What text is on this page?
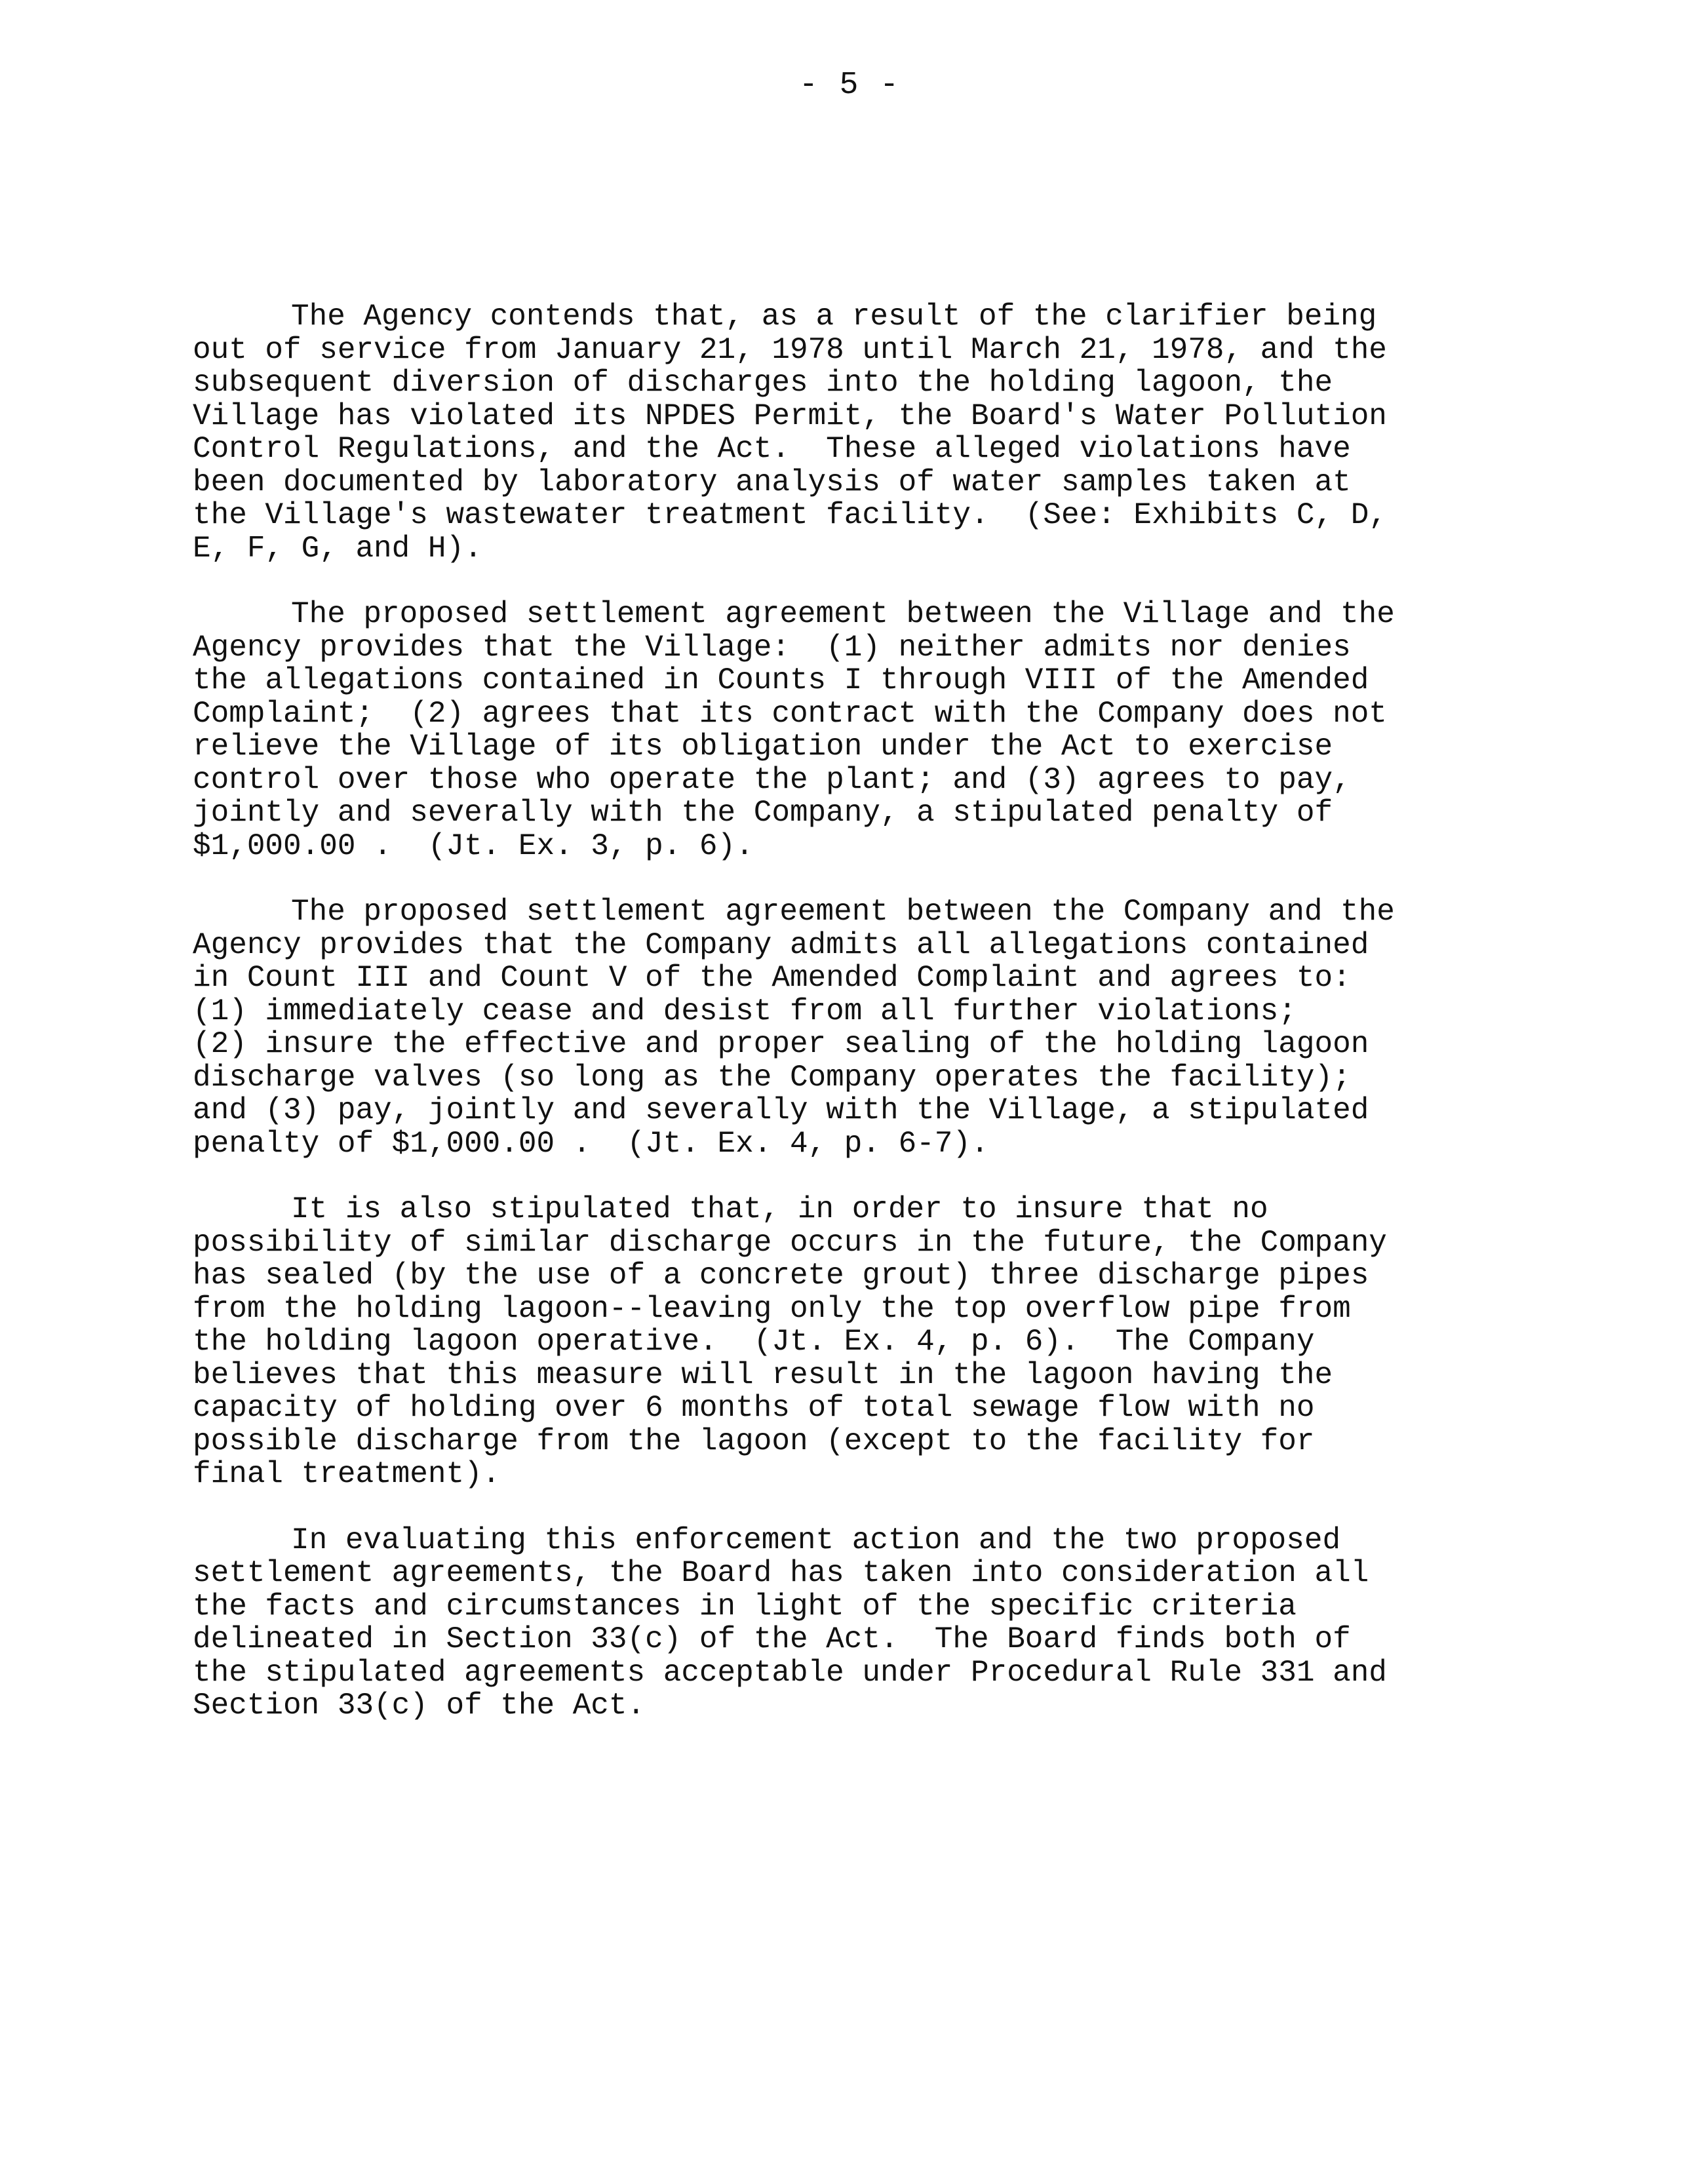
- 5 -
The Agency contends that, as a result of the clarifier being
out of service from January 21, 1978 until March 21, 1978, and the
subsequent diversion of discharges into the holding lagoon, the
Village has violated its NPDES Permit, the Board's Water Pollution
Control Regulations, and the Act.  These alleged violations have
been documented by laboratory analysis of water samples taken at
the Village's wastewater treatment facility.  (See: Exhibits C, D,
E, F, G, and H).
The proposed settlement agreement between the Village and the
Agency provides that the Village:  (1) neither admits nor denies
the allegations contained in Counts I through VIII of the Amended
Complaint;  (2) agrees that its contract with the Company does not
relieve the Village of its obligation under the Act to exercise
control over those who operate the plant; and (3) agrees to pay,
jointly and severally with the Company, a stipulated penalty of
$1,000.00 .  (Jt. Ex. 3, p. 6).
The proposed settlement agreement between the Company and the
Agency provides that the Company admits all allegations contained
in Count III and Count V of the Amended Complaint and agrees to:
(1) immediately cease and desist from all further violations;
(2) insure the effective and proper sealing of the holding lagoon
discharge valves (so long as the Company operates the facility);
and (3) pay, jointly and severally with the Village, a stipulated
penalty of $1,000.00 .  (Jt. Ex. 4, p. 6-7).
It is also stipulated that, in order to insure that no
possibility of similar discharge occurs in the future, the Company
has sealed (by the use of a concrete grout) three discharge pipes
from the holding lagoon--leaving only the top overflow pipe from
the holding lagoon operative.  (Jt. Ex. 4, p. 6).  The Company
believes that this measure will result in the lagoon having the
capacity of holding over 6 months of total sewage flow with no
possible discharge from the lagoon (except to the facility for
final treatment).
In evaluating this enforcement action and the two proposed
settlement agreements, the Board has taken into consideration all
the facts and circumstances in light of the specific criteria
delineated in Section 33(c) of the Act.  The Board finds both of
the stipulated agreements acceptable under Procedural Rule 331 and
Section 33(c) of the Act.
